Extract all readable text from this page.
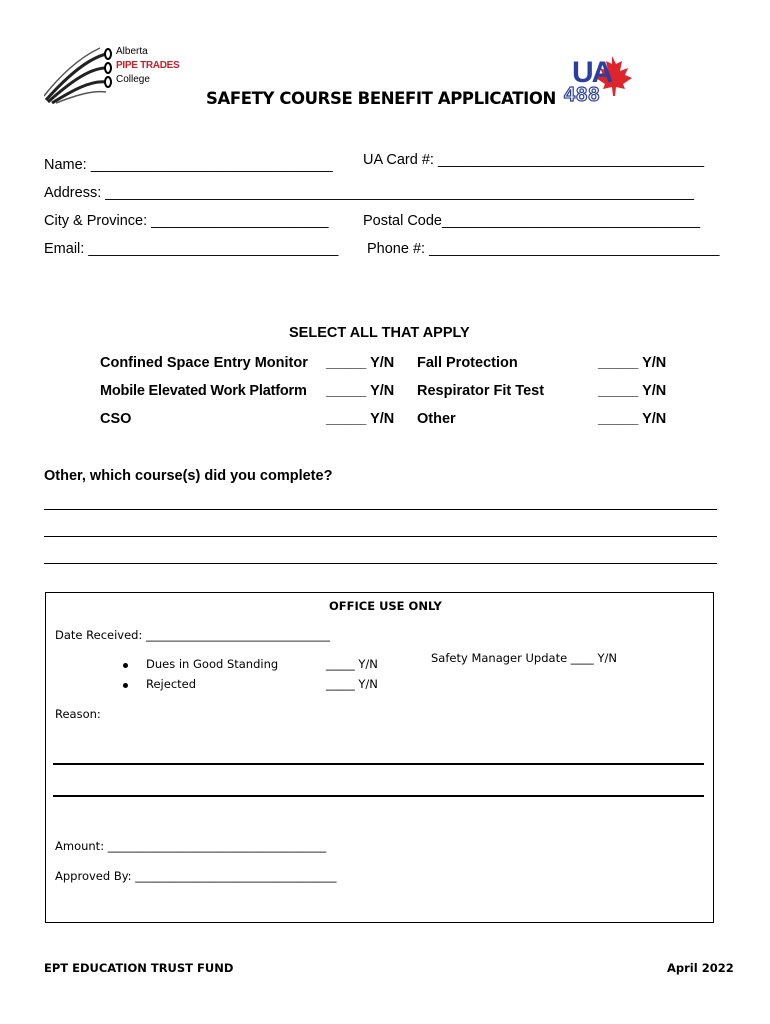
Alberta
PIPE TRADES
College	UA
488
SAFETY COURSE BENEFIT APPLICATION
Name: ______________________________ UA Card #: _________________________________
Address: _________________________________________________________________________
City & Province: ______________________ Postal Code________________________________
Email: _______________________________ Phone #: ____________________________________
SELECT ALL THAT APPLY
Confined Space Entry Monitor _____ Y/N Fall Protection	_____ Y/N
Mobile Elevated Work Platform _____ Y/N Respirator Fit Test	_____ Y/N
CSO	_____ Y/N Other	_____ Y/N
Other, which course(s) did you complete?
OFFICE USE ONLY
Date Received: ________________________________
Dues in Good Standing	_____ Y/N
Rejected	_____ Y/N
Safety Manager Update ____ Y/N
Reason:
Amount: ______________________________________
Approved By: ___________________________________
EPT EDUCATION TRUST FUND	April 2022
